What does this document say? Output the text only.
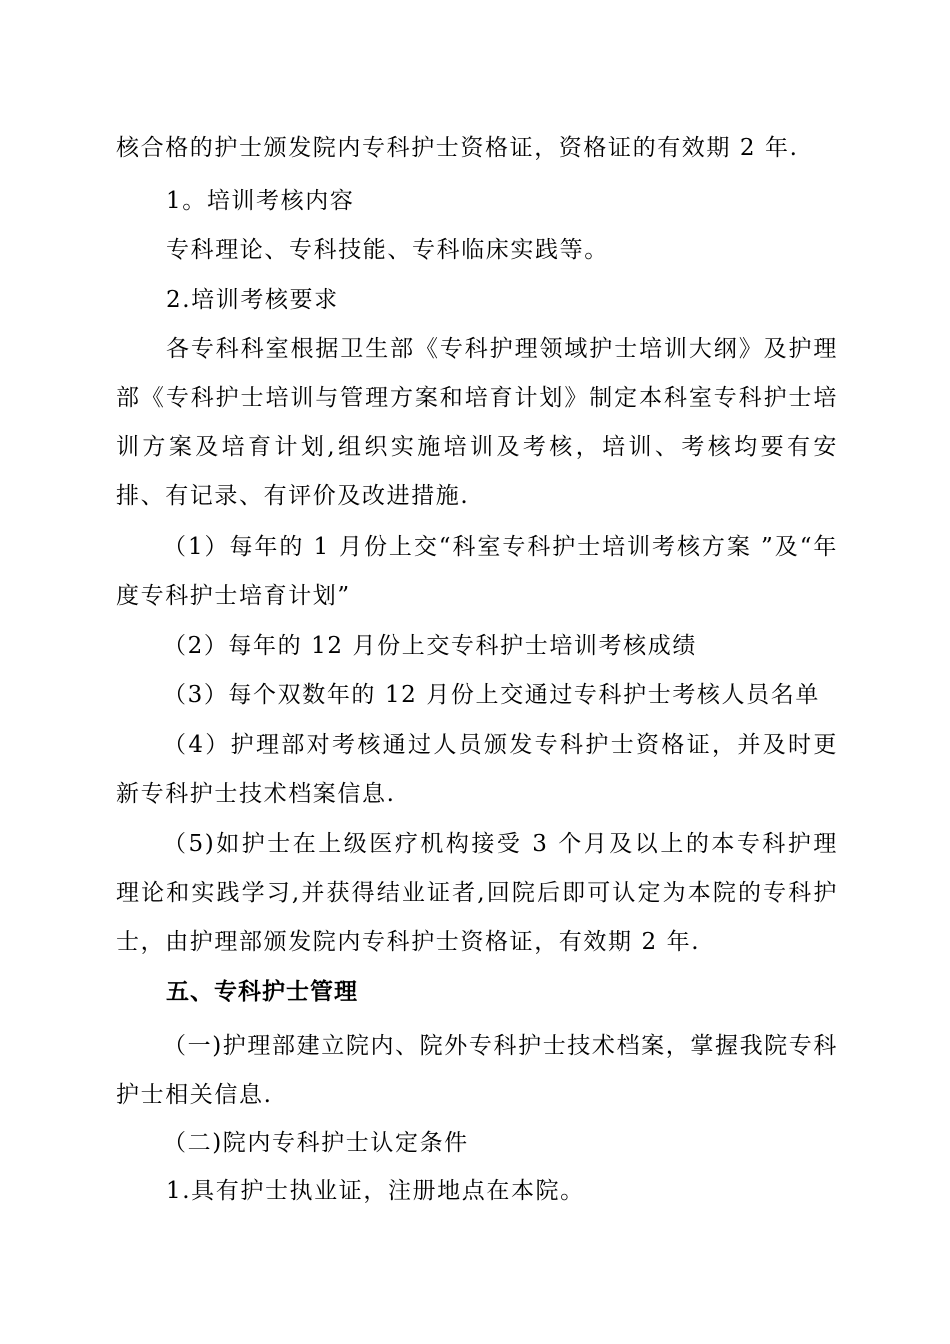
核合格的护士颁发院内专科护士资格证，资格证的有效期 2 年.

1。培训考核内容

专科理论、专科技能、专科临床实践等。

2.培训考核要求

各专科科室根据卫生部《专科护理领域护士培训大纲》及护理部《专科护士培训与管理方案和培育计划》制定本科室专科护士培训方案及培育计划,组织实施培训及考核，培训、考核均要有安排、有记录、有评价及改进措施.

（1）每年的 1 月份上交“科室专科护士培训考核方案 ”及“年度专科护士培育计划”

（2）每年的 12 月份上交专科护士培训考核成绩

（3）每个双数年的 12 月份上交通过专科护士考核人员名单

（4）护理部对考核通过人员颁发专科护士资格证，并及时更新专科护士技术档案信息.

（5)如护士在上级医疗机构接受 3 个月及以上的本专科护理理论和实践学习,并获得结业证者,回院后即可认定为本院的专科护士，由护理部颁发院内专科护士资格证，有效期 2 年.

五、专科护士管理

（一)护理部建立院内、院外专科护士技术档案，掌握我院专科护士相关信息.

（二)院内专科护士认定条件

1.具有护士执业证，注册地点在本院。
